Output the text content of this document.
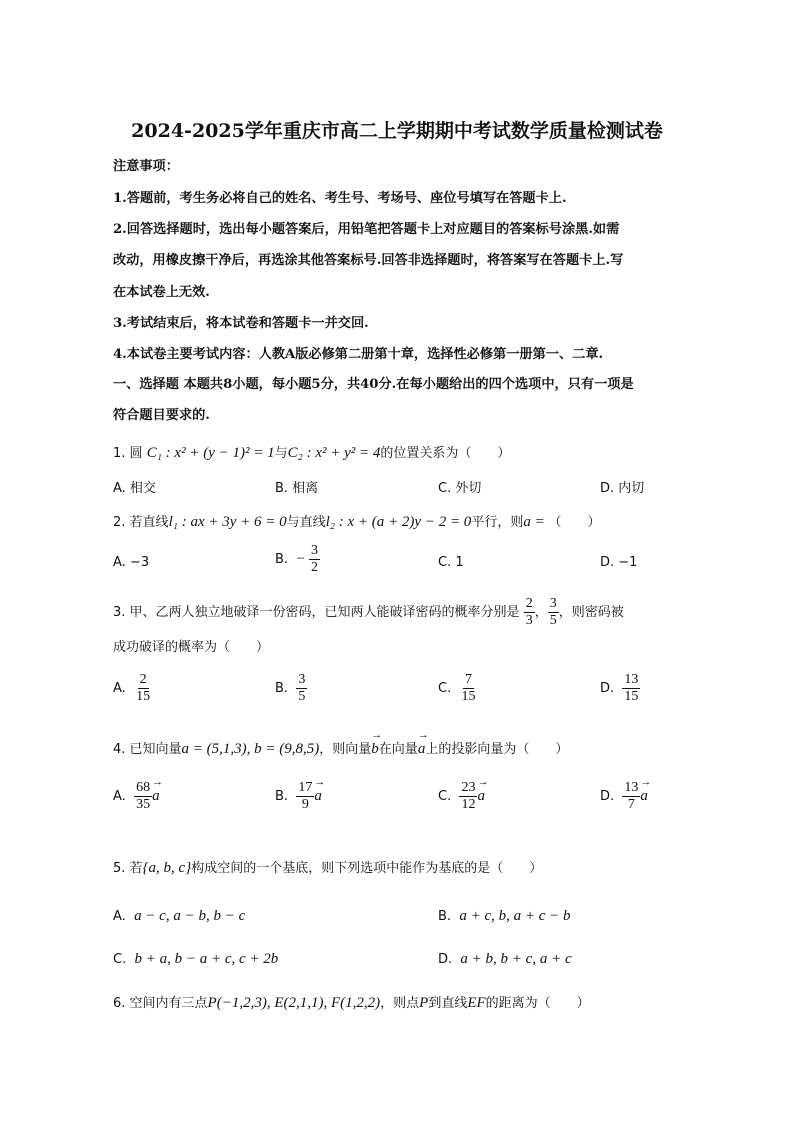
2024-2025学年重庆市高二上学期期中考试数学质量检测试卷
注意事项：
1.答题前，考生务必将自己的姓名、考生号、考场号、座位号填写在答题卡上.
2.回答选择题时，选出每小题答案后，用铅笔把答题卡上对应题目的答案标号涂黑.如需
改动，用橡皮擦干净后，再选涂其他答案标号.回答非选择题时，将答案写在答题卡上.写
在本试卷上无效.
3.考试结束后，将本试卷和答题卡一并交回.
4.本试卷主要考试内容：人教A版必修第二册第十章，选择性必修第一册第一、二章.
一、选择题 本题共8小题，每小题5分，共40分.在每小题给出的四个选项中，只有一项是
符合题目要求的.
1. 圆 C₁ : x² + (y − 1)² = 1与C₂ : x² + y² = 4的位置关系为（　　）
A. 相交	B. 相离	C. 外切	D. 内切
2. 若直线l₁ : ax + 3y + 6 = 0与直线l₂ : x + (a + 2)y − 2 = 0平行，则a = （　　）
A. −3	B. − $\frac{3}{2}$	C. 1	D. −1
3. 甲、乙两人独立地破译一份密码，已知两人能破译密码的概率分别是 $\frac{2}{3}$ ， $\frac{3}{5}$ ，则密码被
成功破译的概率为（　　）
A. $\frac{2}{15}$	B. $\frac{3}{5}$	C. $\frac{7}{15}$	D. $\frac{13}{15}$
4. 已知向量a = (5,1,3), b = (9,8,5)，则向量→ b在向量→ a上的投影向量为（　　）
A. $\frac{68}{35}$
→ a	B. $\frac{17}{9}$
→ a	C. $\frac{23}{12}$
→ a	D. $\frac{13}{7}$
→ a
5. 若{a, b, c}构成空间的一个基底，则下列选项中能作为基底的是（　　）
A. a − c, a − b, b − c	B. a + c, b, a + c − b
C. b + a, b − a + c, c + 2b	D. a + b, b + c, a + c
6. 空间内有三点P(−1,2,3), E(2,1,1), F(1,2,2)，则点P到直线EF的距离为（　　）
